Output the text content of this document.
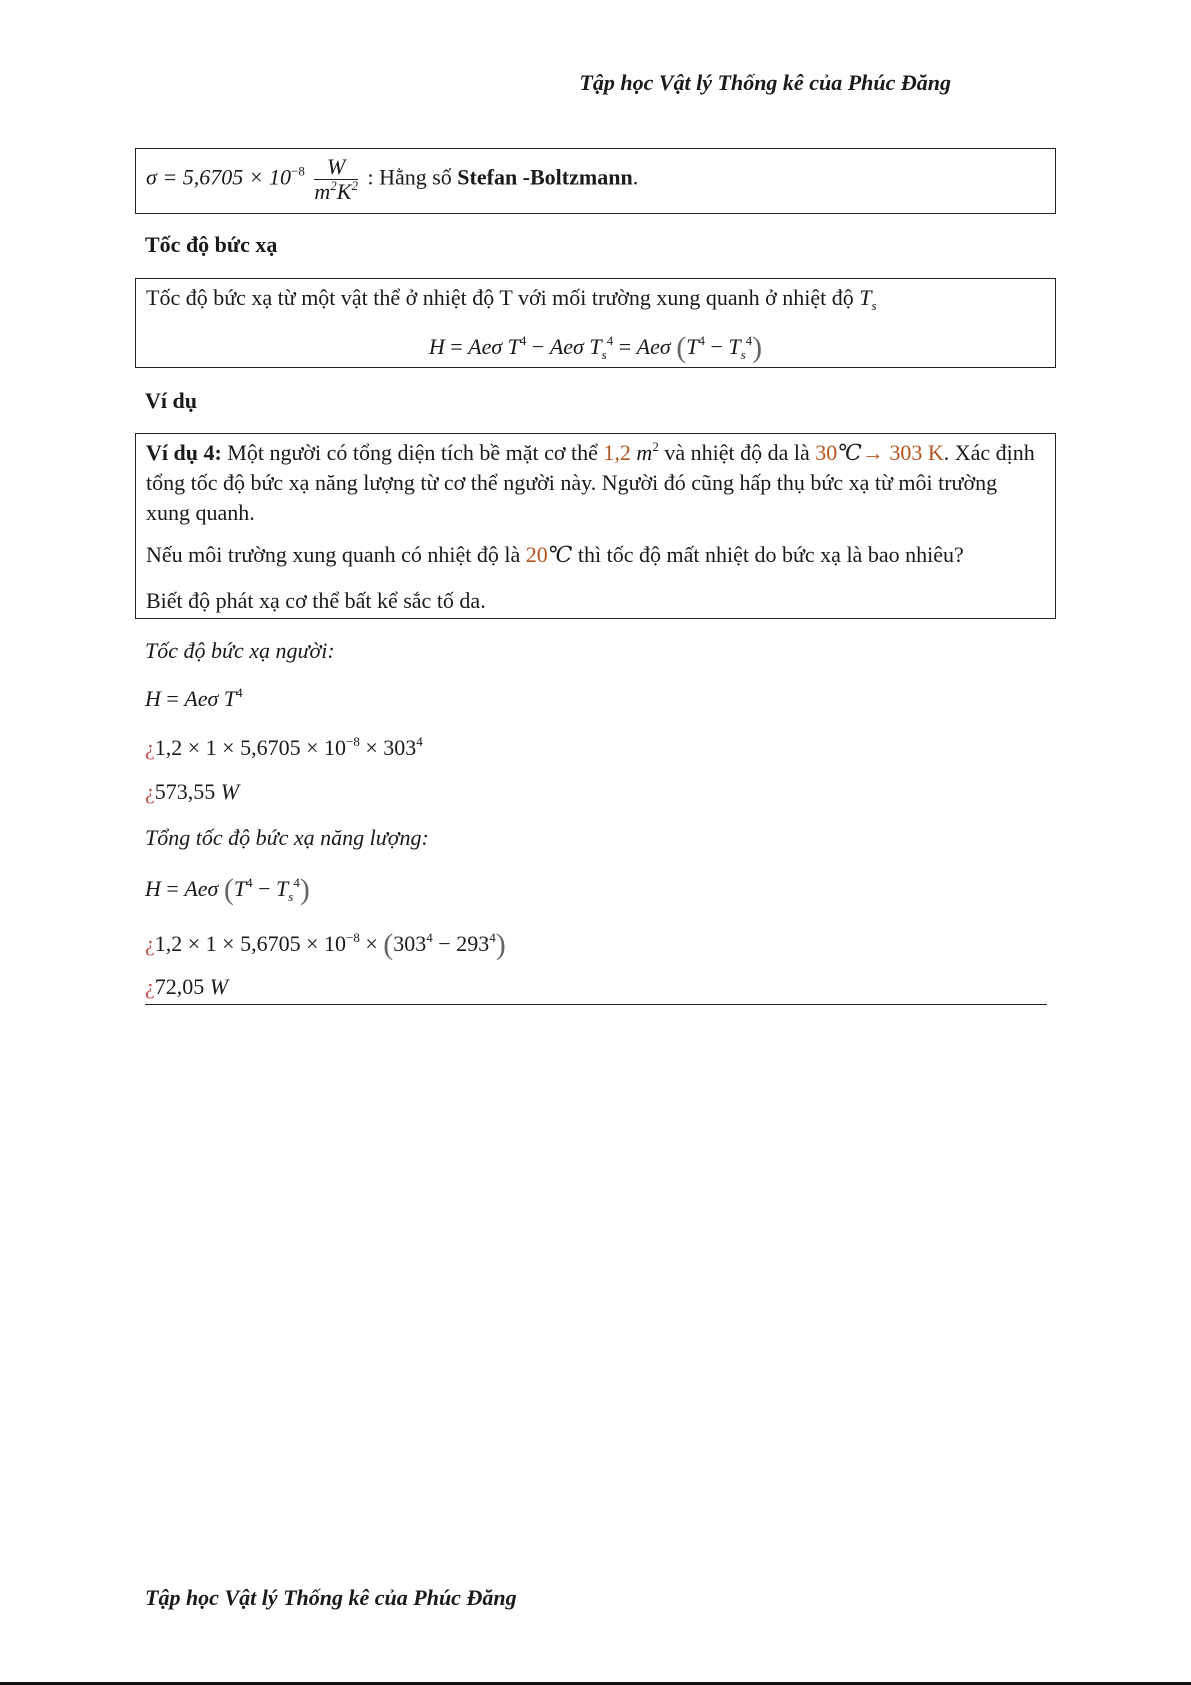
Tập học Vật lý Thống kê của Phúc Đăng
$\sigma = 5,6705 \times 10^{-8} \frac{W}{m^2K^2}$ : Hằng số Stefan -Boltzmann.
Tốc độ bức xạ
Tốc độ bức xạ từ một vật thể ở nhiệt độ T với mối trường xung quanh ở nhiệt độ $T_s$
H = Aeσ $T^4 - Ae\sigma$ $T_s^4 = Ae\sigma$ $(T^4 - T_s^4)$
Ví dụ
Ví dụ 4: Một người có tổng diện tích bề mặt cơ thể 1,2 $m^2$ và nhiệt độ da là 30℃→ 303 K. Xác định tổng tốc độ bức xạ năng lượng từ cơ thể người này. Người đó cũng hấp thụ bức xạ từ môi trường xung quanh.
Nếu môi trường xung quanh có nhiệt độ là 20℃ thì tốc độ mất nhiệt do bức xạ là bao nhiêu?
Biết độ phát xạ cơ thể bất kể sắc tố da.
Tốc độ bức xạ người:
H = Aeσ $T^4$
¿$1,2 \times 1 \times 5,6705 \times 10^{-8} \times 303^4$
¿573,55 W
Tổng tốc độ bức xạ năng lượng:
H = Aeσ $(T^4 - T_s^4)$
¿$1,2 \times 1 \times 5,6705 \times 10^{-8} \times (303^4 - 293^4)$
¿72,05 W
Tập học Vật lý Thống kê của Phúc Đăng
